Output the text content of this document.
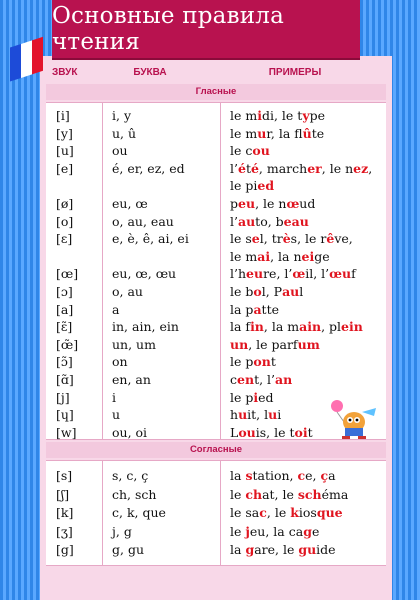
Основные правила чтения
ЗВУК	БУКВА	ПРИМЕРЫ
Гласные
[i]	i, y	le midi, le type
[y]	u, û	le mur, la flûte
[u]	ou	le cou
[e]	é, er, ez, ed	l’été, marcher, le nez,
le pied
[ø]	eu, œ	peu, le nœud
[o]	o, au, eau	l’auto, beau
[ɛ]	e, è, ê, ai, ei	le sel, très, le rêve,
le mai, la neige
[œ]	eu, œ, œu	l’heure, l’œil, l’œuf
[ɔ]	o, au	le bol, Paul
[a]	a	la patte
[ɛ̃]	in, ain, ein	la fin, la main, plein
[œ̃]	un, um	un, le parfum
[ɔ̃]	on	le pont
[ɑ̃]	en, an	cent, l’an
[j]	i	le pied
[ɥ]	u	huit, lui
[w]	ou, oi	Louis, le toit
Согласные
[s]	s, c, ç	la station, ce, ça
[ʃ]	ch, sch	le chat, le schéma
[k]	c, k, que	le sac, le kiosque
[ʒ]	j, g	le jeu, la cage
[g]	g, gu	la gare, le guide
